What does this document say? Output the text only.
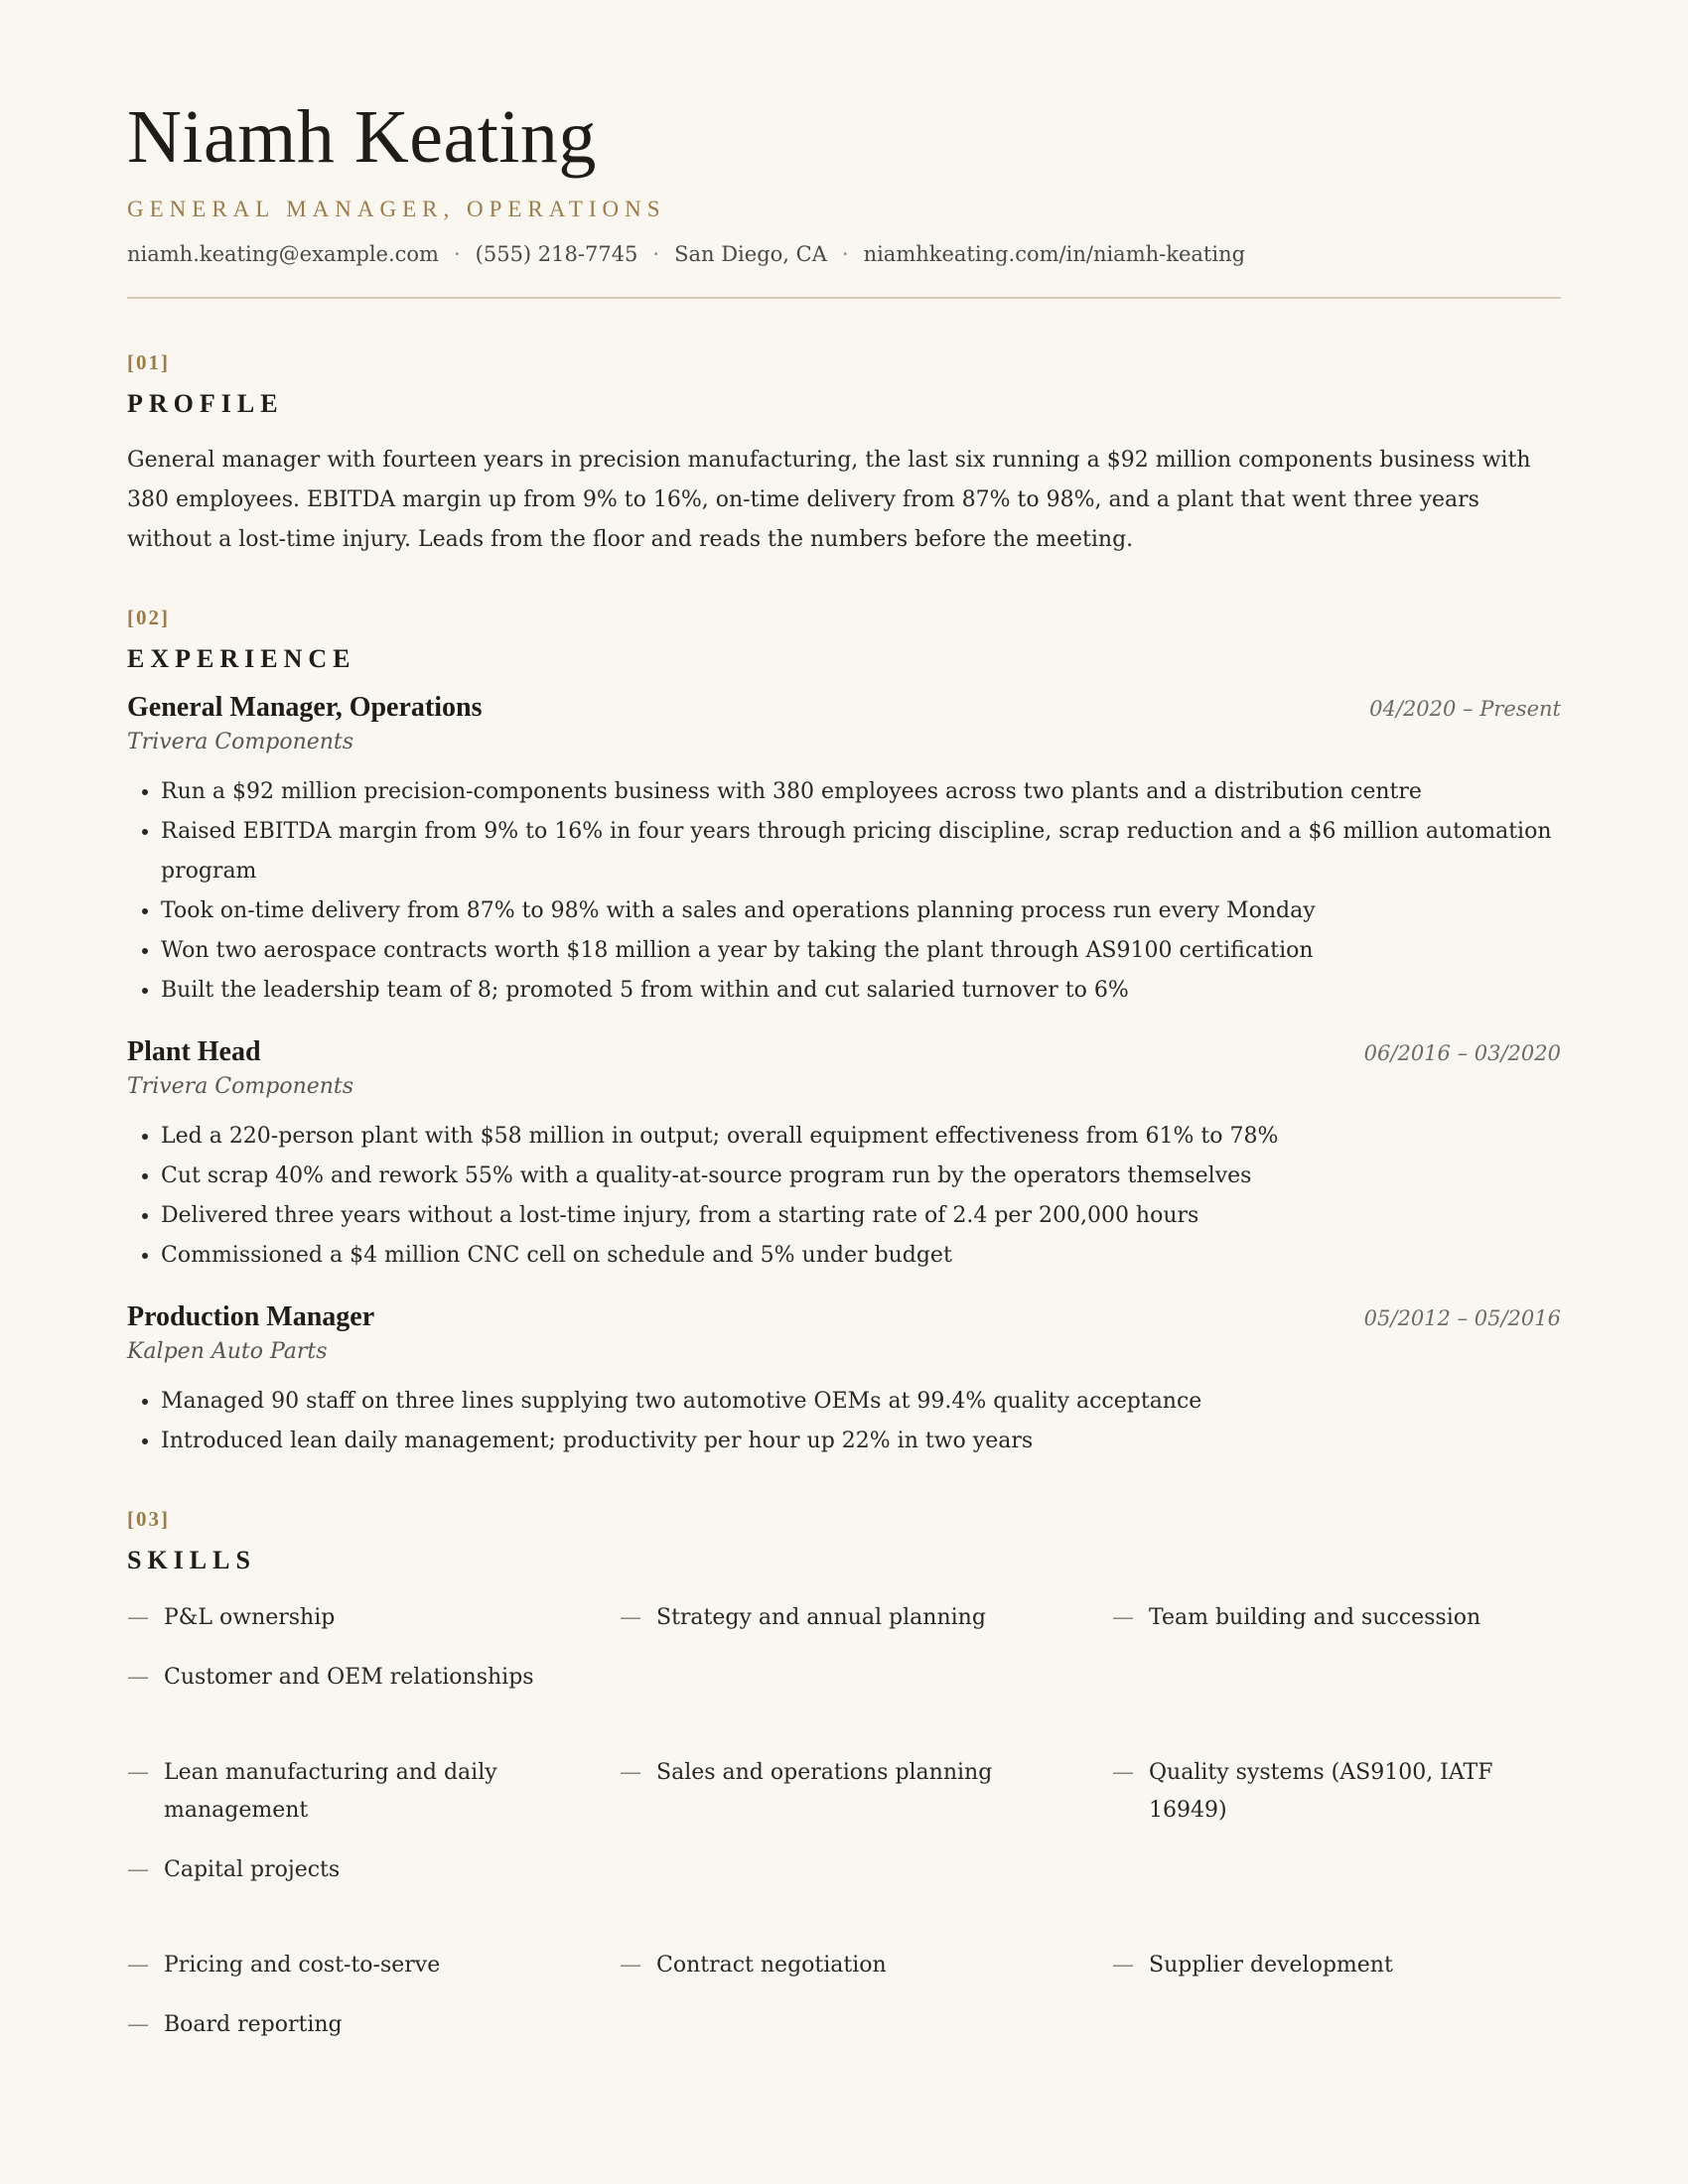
Niamh Keating
GENERAL MANAGER, OPERATIONS
niamh.keating@example.com · (555) 218-7745 · San Diego, CA · niamhkeating.com/in/niamh-keating
[01]
PROFILE

General manager with fourteen years in precision manufacturing, the last six running a $92 million components business with 380 employees. EBITDA margin up from 9% to 16%, on-time delivery from 87% to 98%, and a plant that went three years without a lost-time injury. Leads from the floor and reads the numbers before the meeting.

[02]
EXPERIENCE
General Manager, Operations	04/2020 – Present
Trivera Components
• Run a $92 million precision-components business with 380 employees across two plants and a distribution centre
• Raised EBITDA margin from 9% to 16% in four years through pricing discipline, scrap reduction and a $6 million automation program
• Took on-time delivery from 87% to 98% with a sales and operations planning process run every Monday
• Won two aerospace contracts worth $18 million a year by taking the plant through AS9100 certification
• Built the leadership team of 8; promoted 5 from within and cut salaried turnover to 6%
Plant Head	06/2016 – 03/2020
Trivera Components
• Led a 220-person plant with $58 million in output; overall equipment effectiveness from 61% to 78%
• Cut scrap 40% and rework 55% with a quality-at-source program run by the operators themselves
• Delivered three years without a lost-time injury, from a starting rate of 2.4 per 200,000 hours
• Commissioned a $4 million CNC cell on schedule and 5% under budget
Production Manager	05/2012 – 05/2016
Kalpen Auto Parts
• Managed 90 staff on three lines supplying two automotive OEMs at 99.4% quality acceptance
• Introduced lean daily management; productivity per hour up 22% in two years
[03]
SKILLS
— P&L ownership	— Strategy and annual planning	— Team building and succession
— Customer and OEM relationships
— Lean manufacturing and daily management
— Sales and operations planning	— Quality systems (AS9100, IATF 16949)
— Capital projects
— Pricing and cost-to-serve	— Contract negotiation	— Supplier development
— Board reporting
